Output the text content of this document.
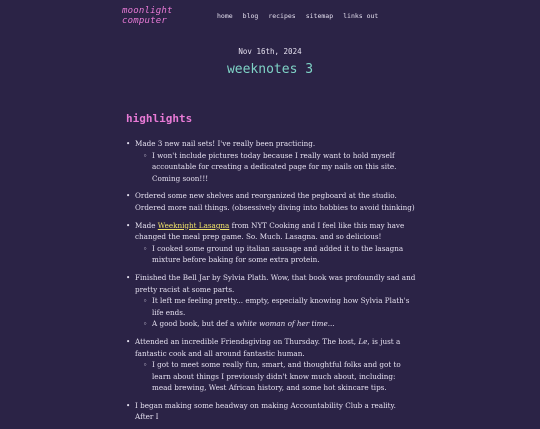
moonlight computer	home blog recipes sitemap links out
Nov 16th, 2024
weeknotes 3
highlights
• Made 3 new nail sets! I've really been practicing.
◦ I won't include pictures today because I really want to hold myself accountable for creating a dedicated page for my nails on this site. Coming soon!!!
• Ordered some new shelves and reorganized the pegboard at the studio. Ordered more nail things. (obsessively diving into hobbies to avoid thinking)
• Made Weeknight Lasagna from NYT Cooking and I feel like this may have changed the meal prep game. So. Much. Lasagna. and so delicious!
◦ I cooked some ground up italian sausage and added it to the lasagna mixture before baking for some extra protein.
• Finished the Bell Jar by Sylvia Plath. Wow, that book was profoundly sad and pretty racist at some parts.
◦ It left me feeling pretty... empty, especially knowing how Sylvia Plath's life ends.
◦ A good book, but def a white woman of her time...
• Attended an incredible Friendsgiving on Thursday. The host, Le, is just a fantastic cook and all around fantastic human.
◦ I got to meet some really fun, smart, and thoughtful folks and got to learn about things I previously didn't know much about, including: mead brewing, West African history, and some hot skincare tips.
• I began making some headway on making Accountability Club a reality. After I
